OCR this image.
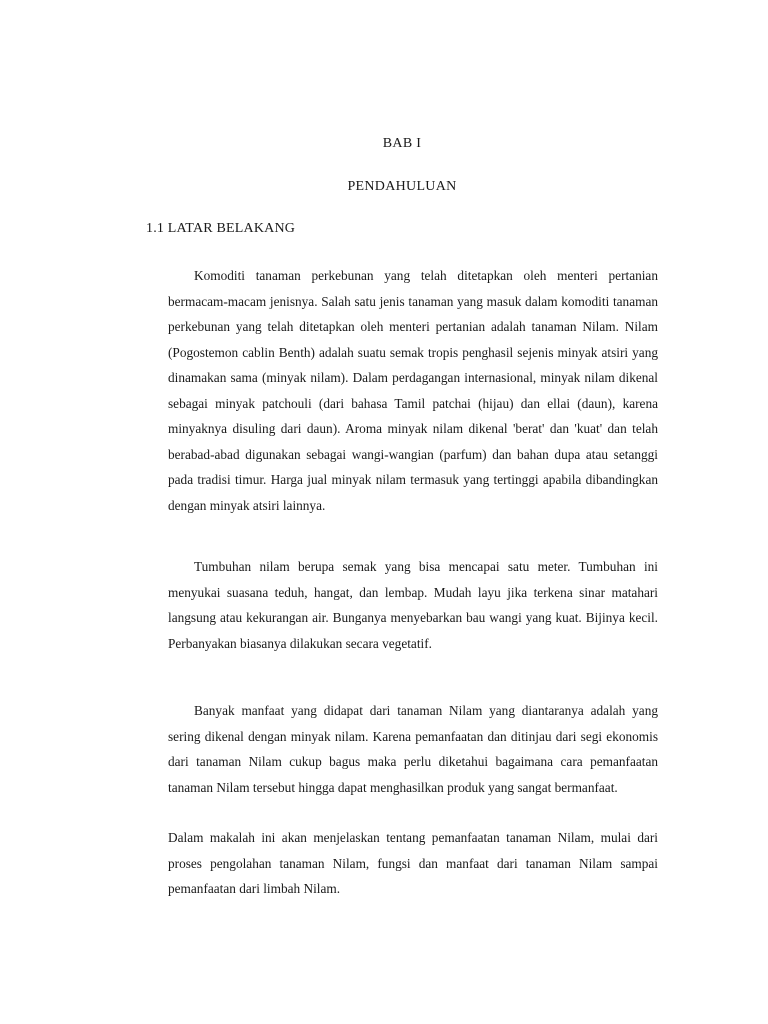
BAB I
PENDAHULUAN
1.1 LATAR BELAKANG

Komoditi tanaman perkebunan yang telah ditetapkan oleh menteri pertanian bermacam-macam jenisnya. Salah satu jenis tanaman yang masuk dalam komoditi tanaman perkebunan yang telah ditetapkan oleh menteri pertanian adalah tanaman Nilam. Nilam (Pogostemon cablin Benth) adalah suatu semak tropis penghasil sejenis minyak atsiri yang dinamakan sama (minyak nilam). Dalam perdagangan internasional, minyak nilam dikenal sebagai minyak patchouli (dari bahasa Tamil patchai (hijau) dan ellai (daun), karena minyaknya disuling dari daun). Aroma minyak nilam dikenal 'berat' dan 'kuat' dan telah berabad-abad digunakan sebagai wangi-wangian (parfum) dan bahan dupa atau setanggi pada tradisi timur. Harga jual minyak nilam termasuk yang tertinggi apabila dibandingkan dengan minyak atsiri lainnya.

Tumbuhan nilam berupa semak yang bisa mencapai satu meter. Tumbuhan ini menyukai suasana teduh, hangat, dan lembap. Mudah layu jika terkena sinar matahari langsung atau kekurangan air. Bunganya menyebarkan bau wangi yang kuat. Bijinya kecil. Perbanyakan biasanya dilakukan secara vegetatif.

Banyak manfaat yang didapat dari tanaman Nilam yang diantaranya adalah yang sering dikenal dengan minyak nilam. Karena pemanfaatan dan ditinjau dari segi ekonomis dari tanaman Nilam cukup bagus maka perlu diketahui bagaimana cara pemanfaatan tanaman Nilam tersebut hingga dapat menghasilkan produk yang sangat bermanfaat.

Dalam makalah ini akan menjelaskan tentang pemanfaatan tanaman Nilam, mulai dari proses pengolahan tanaman Nilam, fungsi dan manfaat dari tanaman Nilam sampai pemanfaatan dari limbah Nilam.
